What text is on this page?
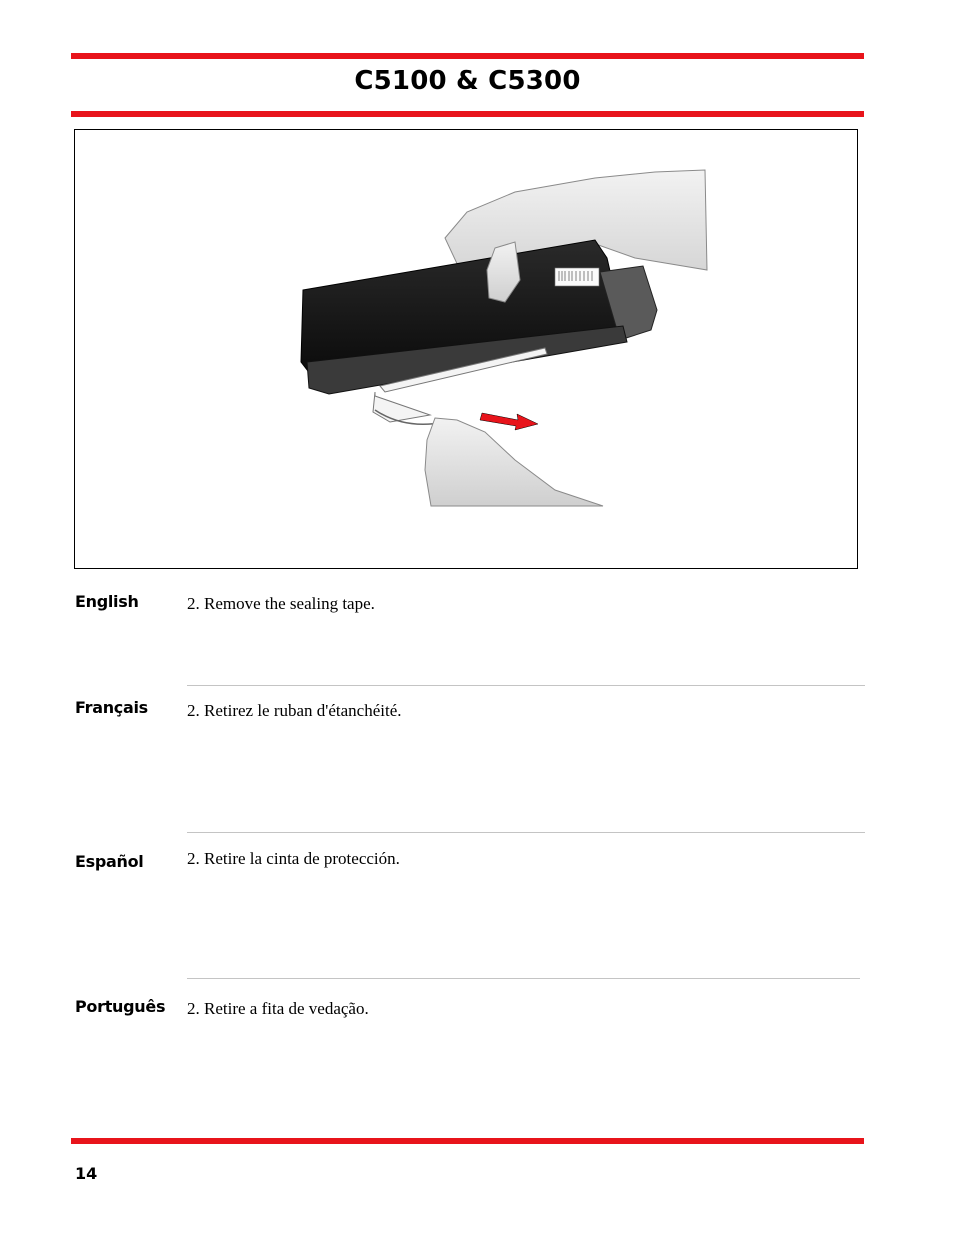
C5100 & C5300
English	2. Remove the sealing tape.
Français 2. Retirez le ruban d'étanchéité.
Español	2. Retire la cinta de protección.
Português 2. Retire a fita de vedação.
14
